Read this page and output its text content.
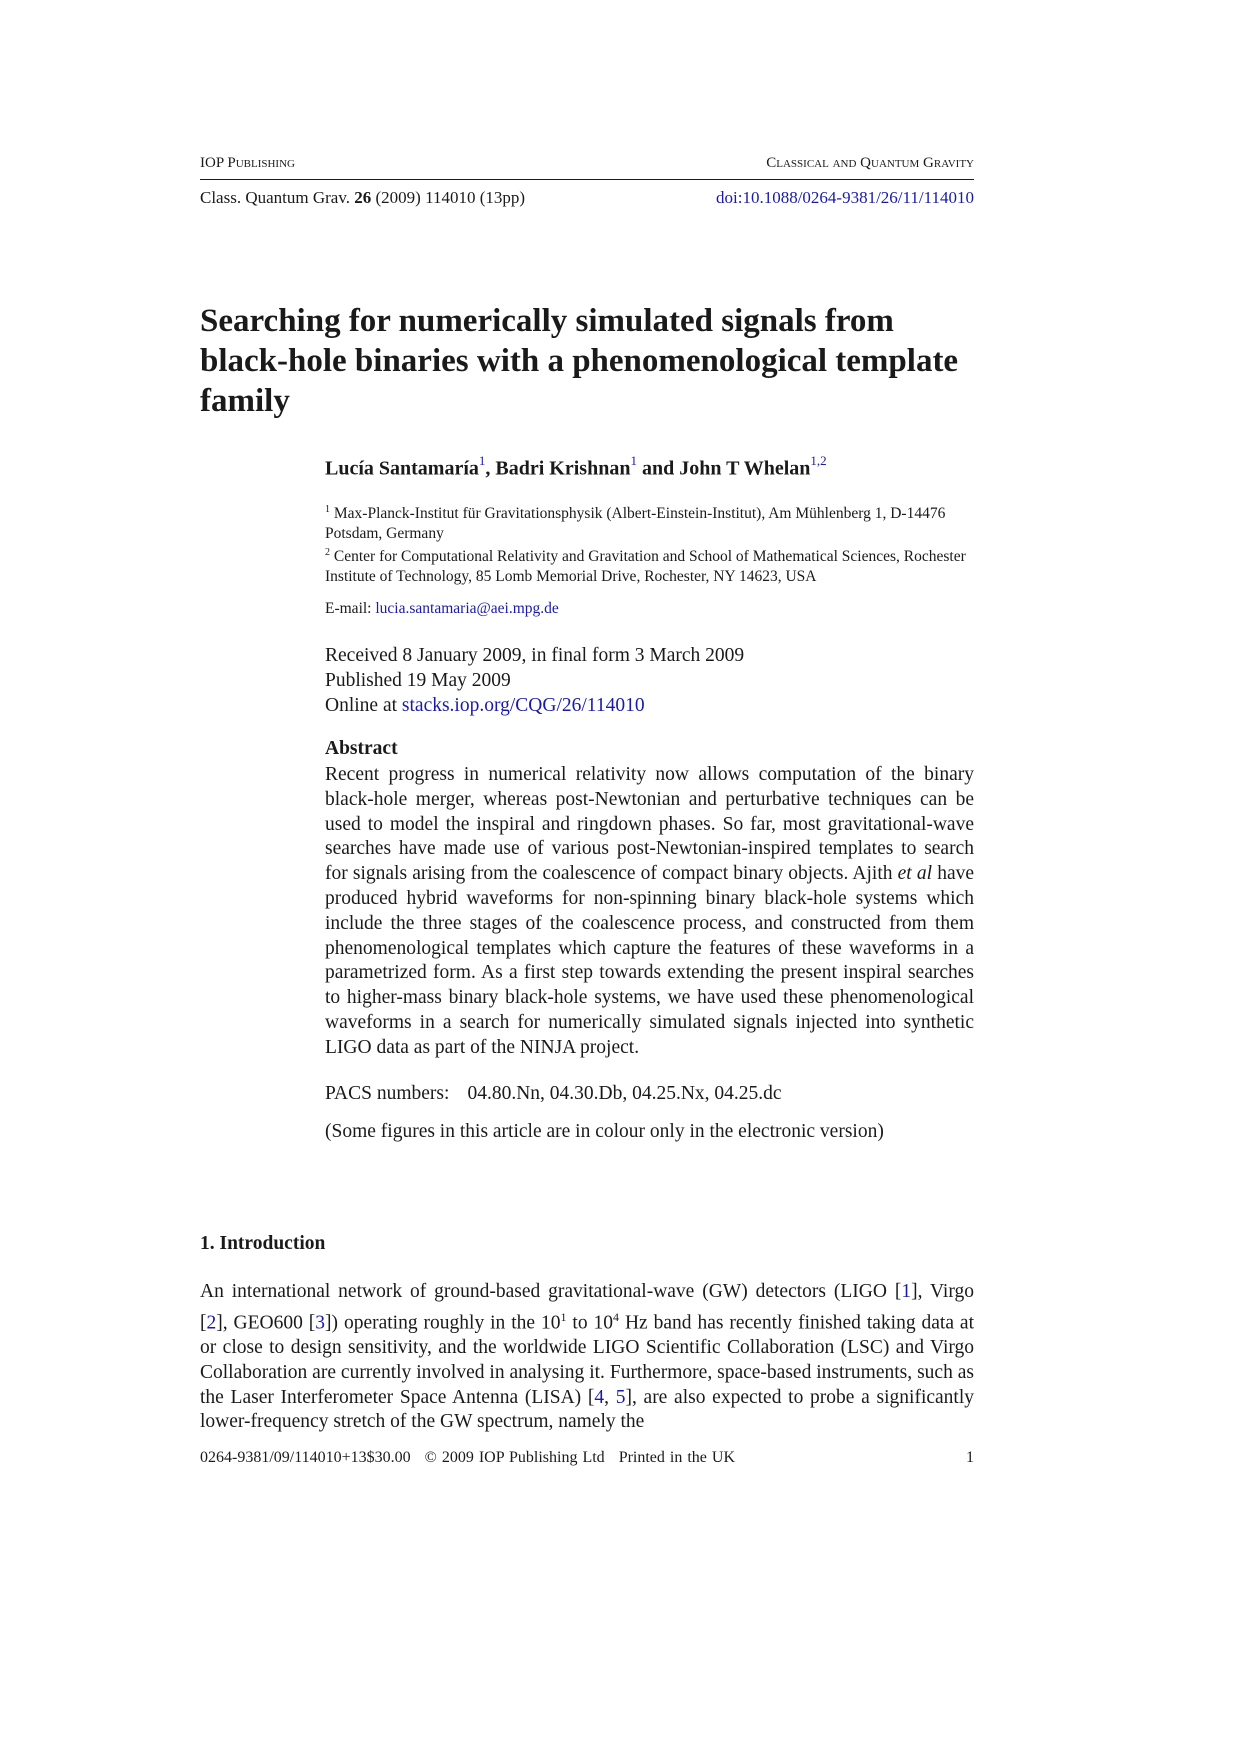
IOP Publishing	Classical and Quantum Gravity
Class. Quantum Grav. 26 (2009) 114010 (13pp)	doi:10.1088/0264-9381/26/11/114010
Searching for numerically simulated signals from black-hole binaries with a phenomenological template family
Lucía Santamaría$^1$, Badri Krishnan$^1$ and John T Whelan$^{1,2}$
$^1$ Max-Planck-Institut für Gravitationsphysik (Albert-Einstein-Institut), Am Mühlenberg 1, D-14476 Potsdam, Germany
$^2$ Center for Computational Relativity and Gravitation and School of Mathematical Sciences, Rochester Institute of Technology, 85 Lomb Memorial Drive, Rochester, NY 14623, USA
E-mail: lucia.santamaria@aei.mpg.de
Received 8 January 2009, in final form 3 March 2009
Published 19 May 2009
Online at stacks.iop.org/CQG/26/114010
Abstract

Recent progress in numerical relativity now allows computation of the binary black-hole merger, whereas post-Newtonian and perturbative techniques can be used to model the inspiral and ringdown phases. So far, most gravitational-wave searches have made use of various post-Newtonian-inspired templates to search for signals arising from the coalescence of compact binary objects. Ajith et al have produced hybrid waveforms for non-spinning binary black-hole systems which include the three stages of the coalescence process, and constructed from them phenomenological templates which capture the features of these waveforms in a parametrized form. As a first step towards extending the present inspiral searches to higher-mass binary black-hole systems, we have used these phenomenological waveforms in a search for numerically simulated signals injected into synthetic LIGO data as part of the NINJA project.

PACS numbers: 04.80.Nn, 04.30.Db, 04.25.Nx, 04.25.dc
(Some figures in this article are in colour only in the electronic version)
1. Introduction

An international network of ground-based gravitational-wave (GW) detectors (LIGO [1], Virgo [2], GEO600 [3]) operating roughly in the $10^1$ to $10^4$ Hz band has recently finished taking data at or close to design sensitivity, and the worldwide LIGO Scientific Collaboration (LSC) and Virgo Collaboration are currently involved in analysing it. Furthermore, space-based instruments, such as the Laser Interferometer Space Antenna (LISA) [4, 5], are also expected to probe a significantly lower-frequency stretch of the GW spectrum, namely the

0264-9381/09/114010+13$30.00 © 2009 IOP Publishing Ltd Printed in the UK	1
